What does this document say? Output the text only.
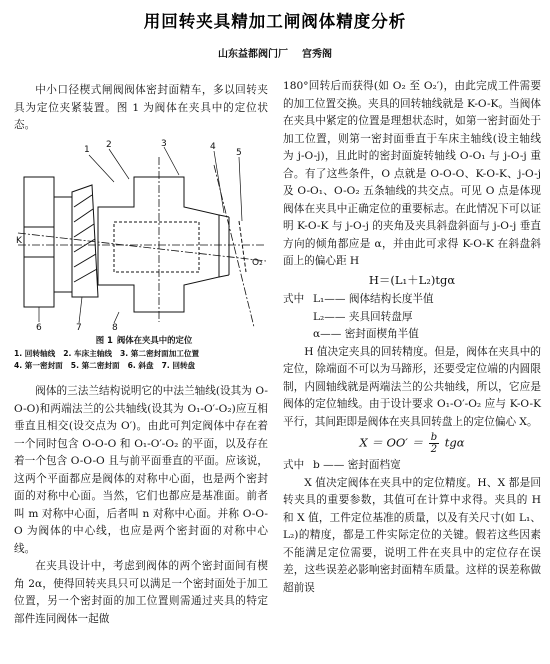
用回转夹具精加工闸阀体精度分析
山东益都阀门厂 宫秀阁

中小口径楔式闸阀阀体密封面精车，多以回转夹具为定位夹紧装置。图 1 为阀体在夹具中的定位状态。

K
O₂
1 2	3	4
5
6	7	8
图 1 阀体在夹具中的定位
1. 回转轴线 2. 车床主轴线 3. 第二密封面加工位置
4. 第一密封面 5. 第二密封面 6. 斜盘 7. 回转盘

阀体的三法兰结构说明它的中法兰轴线(设其为 O-O-O)和两端法兰的公共轴线(设其为 O₁-O′-O₂)应互相垂直且相交(设交点为 O′)。由此可判定阀体中存在着一个同时包含 O-O-O 和 O₁-O′-O₂ 的平面，以及存在着一个包含 O-O-O 且与前平面垂直的平面。应该说，这两个平面都应是阀体的对称中心面，也是两个密封面的对称中心面。当然，它们也都应是基准面。前者叫 m 对称中心面，后者叫 n 对称中心面。并称 O-O-O 为阀体的中心线，也应是两个密封面的对称中心线。

在夹具设计中，考虑到阀体的两个密封面间有楔角 2α，使得回转夹具只可以满足一个密封面处于加工位置，另一个密封面的加工位置则需通过夹具的特定部件连同阀体一起做

180°回转后而获得(如 O₂ 至 O₂′)，由此完成工件需要的加工位置交换。夹具的回转轴线就是 K-O-K。当阀体在夹具中紧定的位置是理想状态时，如第一密封面处于加工位置，则第一密封面垂直于车床主轴线(设主轴线为 j-O-j)，且此时的密封面旋转轴线 O-O₁ 与 j-O-j 重合。有了这些条件，O 点就是 O-O-O、K-O-K、j-O-j 及 O-O₁、O-O₂ 五条轴线的共交点。可见 O 点是体现阀体在夹具中正确定位的重要标志。在此情况下可以证明 K-O-K 与 j-O-j 的夹角及夹具斜盘斜面与 j-O-j 垂直方向的倾角都应是 α，并由此可求得 K-O-K 在斜盘斜面上的偏心距 H

H＝(L₁＋L₂)tgα
式中 L₁—— 阀体结构长度半值
L₂—— 夹具回转盘厚
α—— 密封面楔角半值

H 值决定夹具的回转精度。但是，阀体在夹具中的定位，除端面不可以为马蹄形，还要受定位端的内圆限制，内圆轴线就是两端法兰的公共轴线，所以，它应是阀体的定位轴线。由于设计要求 O₁-O′-O₂ 应与 K-O-K 平行，其间距即是阀体在夹具回转盘上的定位偏心 X。

$X = OO' = \frac{b}{2}$ tgα
式中 b —— 密封面档宽

X 值决定阀体在夹具中的定位精度。H、X 都是回转夹具的重要参数，其值可在计算中求得。夹具的 H 和 X 值，工件定位基准的质量，以及有关尺寸(如 L₁、L₂)的精度，都是工件实际定位的关键。假若这些因素不能满足定位需要，说明工件在夹具中的定位存在误差，这些误差必影响密封面精车质量。这样的误差称做超前误
